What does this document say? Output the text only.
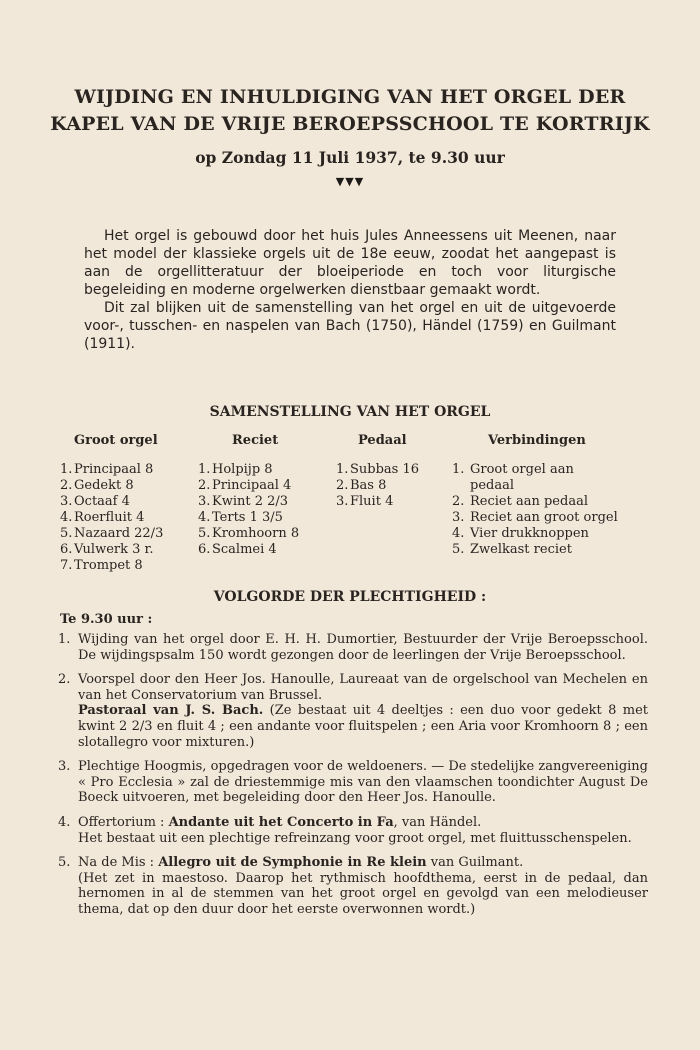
WIJDING EN INHULDIGING VAN HET ORGEL DER
KAPEL VAN DE VRIJE BEROEPSSCHOOL TE KORTRIJK

op Zondag 11 Juli 1937, te 9.30 uur

▼▼▼

Het orgel is gebouwd door het huis Jules Anneessens uit Meenen, naar het model der klassieke orgels uit de 18e eeuw, zoodat het aangepast is aan de orgellitteratuur der bloeiperiode en toch voor liturgische begeleiding en moderne orgelwerken dienstbaar gemaakt wordt.

Dit zal blijken uit de samenstelling van het orgel en uit de uitgevoerde voor-, tusschen- en naspelen van Bach (1750), Händel (1759) en Guilmant (1911).

SAMENSTELLING VAN HET ORGEL
Groot orgel
1. Principaal 8
2. Gedekt 8
3. Octaaf 4
4. Roerfluit 4
5. Nazaard 22/3
6. Vulwerk 3 r.
7. Trompet 8
Reciet
1. Holpijp 8
2. Principaal 4
3. Kwint 2 2/3
4. Terts 1 3/5
5. Kromhoorn 8
6. Scalmei 4
Pedaal
1. Subbas 16
2. Bas 8
3. Fluit 4
Verbindingen
1. Groot orgel aan pedaal
2. Reciet aan pedaal
3. Reciet aan groot orgel
4. Vier drukknoppen
5. Zwelkast reciet
VOLGORDE DER PLECHTIGHEID :

Te 9.30 uur :

1. Wijding van het orgel door E. H. H. Dumortier, Bestuurder der Vrije Beroepsschool. De wijdingspsalm 150 wordt gezongen door de leerlingen der Vrije Beroepsschool.

2. Voorspel door den Heer Jos. Hanoulle, Laureaat van de orgelschool van Mechelen en van het Conservatorium van Brussel.

Pastoraal van J. S. Bach. (Ze bestaat uit 4 deeltjes : een duo voor gedekt 8 met kwint 2 2/3 en fluit 4 ; een andante voor fluitspelen ; een Aria voor Kromhoorn 8 ; een slotallegro voor mixturen.)

3. Plechtige Hoogmis, opgedragen voor de weldoeners. — De stedelijke zangvereeniging « Pro Ecclesia » zal de driestemmige mis van den vlaamschen toondichter August De Boeck uitvoeren, met begeleiding door den Heer Jos. Hanoulle.

4. Offertorium : Andante uit het Concerto in Fa, van Händel.

Het bestaat uit een plechtige refreinzang voor groot orgel, met fluittusschenspelen.

5. Na de Mis : Allegro uit de Symphonie in Re klein van Guilmant.

(Het zet in maestoso. Daarop het rythmisch hoofdthema, eerst in de pedaal, dan hernomen in al de stemmen van het groot orgel en gevolgd van een melodieuser thema, dat op den duur door het eerste overwonnen wordt.)
